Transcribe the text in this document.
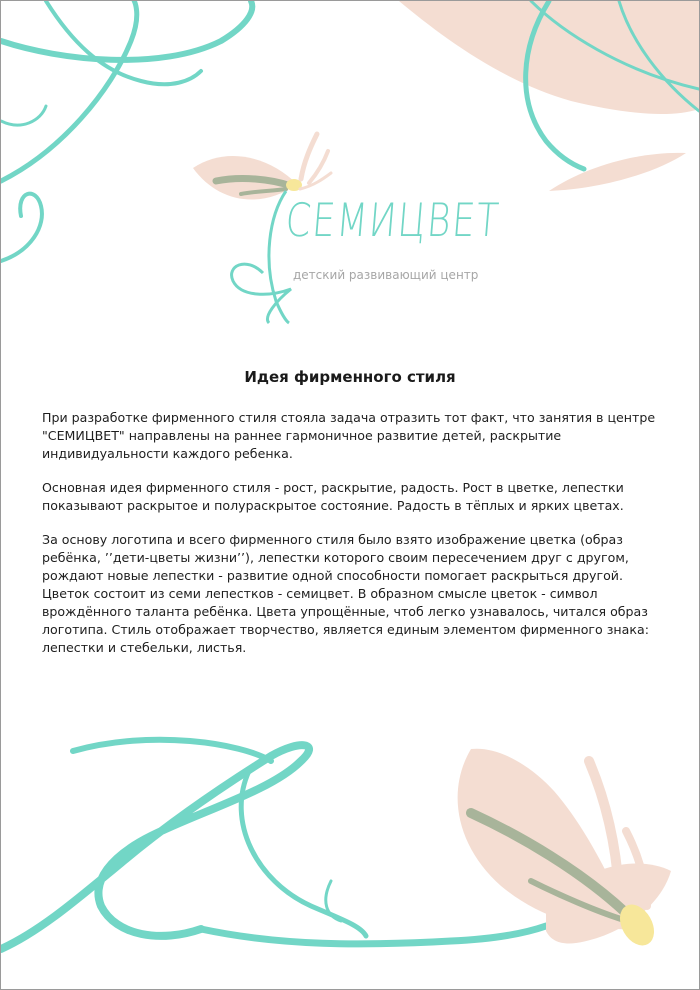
СЕМИЦВЕТ
детский развивающий центр
Идея фирменного стиля

При разработке фирменного стиля стояла задача отразить тот факт, что занятия в центре "СЕМИЦВЕТ" направлены на раннее гармоничное развитие детей, раскрытие индивидуальности каждого ребенка.

Основная идея фирменного стиля - рост, раскрытие, радость. Рост в цветке, лепестки показывают раскрытое и полураскрытое состояние. Радость в тёплых и ярких цветах.

За основу логотипа и всего фирменного стиля было взято изображение цветка (образ ребёнка, ’’дети-цветы жизни’’), лепестки которого своим пересечением друг с другом, рождают новые лепестки - развитие одной способности помогает раскрыться другой. Цветок состоит из семи лепестков - семицвет. В образном смысле цветок - символ врождённого таланта ребёнка. Цвета упрощённые, чтоб легко узнавалось, читался образ логотипа. Стиль отображает творчество, является единым элементом фирменного знака: лепестки и стебельки, листья.
